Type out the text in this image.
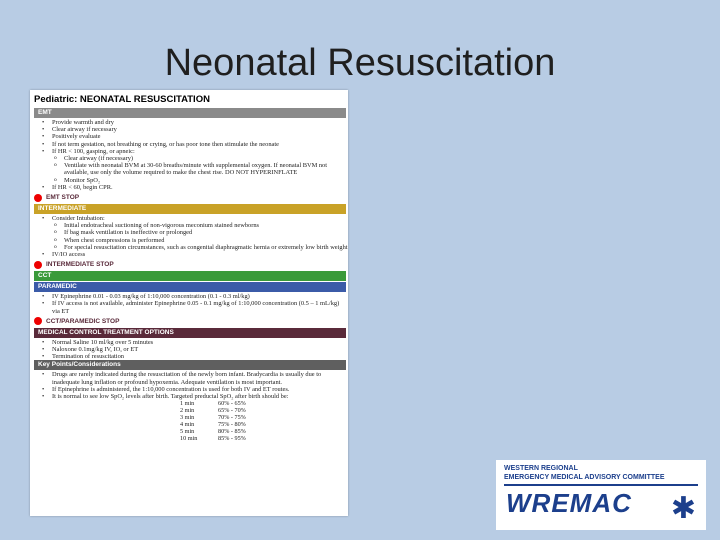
Neonatal Resuscitation
Pediatric: NEONATAL RESUSCITATION
EMT
• Provide warmth and dry
• Clear airway if necessary
• Positively evaluate
• If not term gestation, not breathing or crying, or has poor tone then stimulate the neonate
• If HR < 100, gasping, or apneic:
o Clear airway (if necessary)
o Ventilate with neonatal BVM at 30-60 breaths/minute with supplemental oxygen. If neonatal BVM not available, use only the volume required to make the chest rise. DO NOT HYPERINFLATE
o Monitor SpO₂
• If HR < 60, begin CPR.
EMT STOP
INTERMEDIATE
• Consider Intubation:
o Initial endotracheal suctioning of non-vigorous meconium stained newborns
o If bag mask ventilation is ineffective or prolonged
o When chest compressions is performed
o For special resuscitation circumstances, such as congenital diaphragmatic hernia or extremely low birth weight
• IV/IO access
INTERMEDIATE STOP
CCT
PARAMEDIC
• IV Epinephrine 0.01 - 0.03 mg/kg of 1:10,000 concentration (0.1 - 0.3 ml/kg)
• If IV access is not available, administer Epinephrine 0.05 - 0.1 mg/kg of 1:10,000 concentration (0.5 – 1 mL/kg) via ET
CCT/PARAMEDIC STOP
MEDICAL CONTROL TREATMENT OPTIONS
• Normal Saline 10 ml/kg over 5 minutes
• Naloxone 0.1mg/kg IV, IO, or ET
• Termination of resuscitation
Key Points/Considerations
• Drugs are rarely indicated during the resuscitation of the newly born infant. Bradycardia is usually due to inadequate lung inflation or profound hypoxemia. Adequate ventilation is most important.
• If Epinephrine is administered, the 1:10,000 concentration is used for both IV and ET routes.
• It is normal to see low SpO₂ levels after birth. Targeted preductal SpO₂ after birth should be:
1 min	60% - 65%
2 min	65% - 70%
3 min	70% - 75%
4 min	75% - 80%
5 min	80% - 85%
10 min	85% - 95%
WESTERN REGIONAL
EMERGENCY MEDICAL ADVISORY COMMITTEE
WREMAC	✱
